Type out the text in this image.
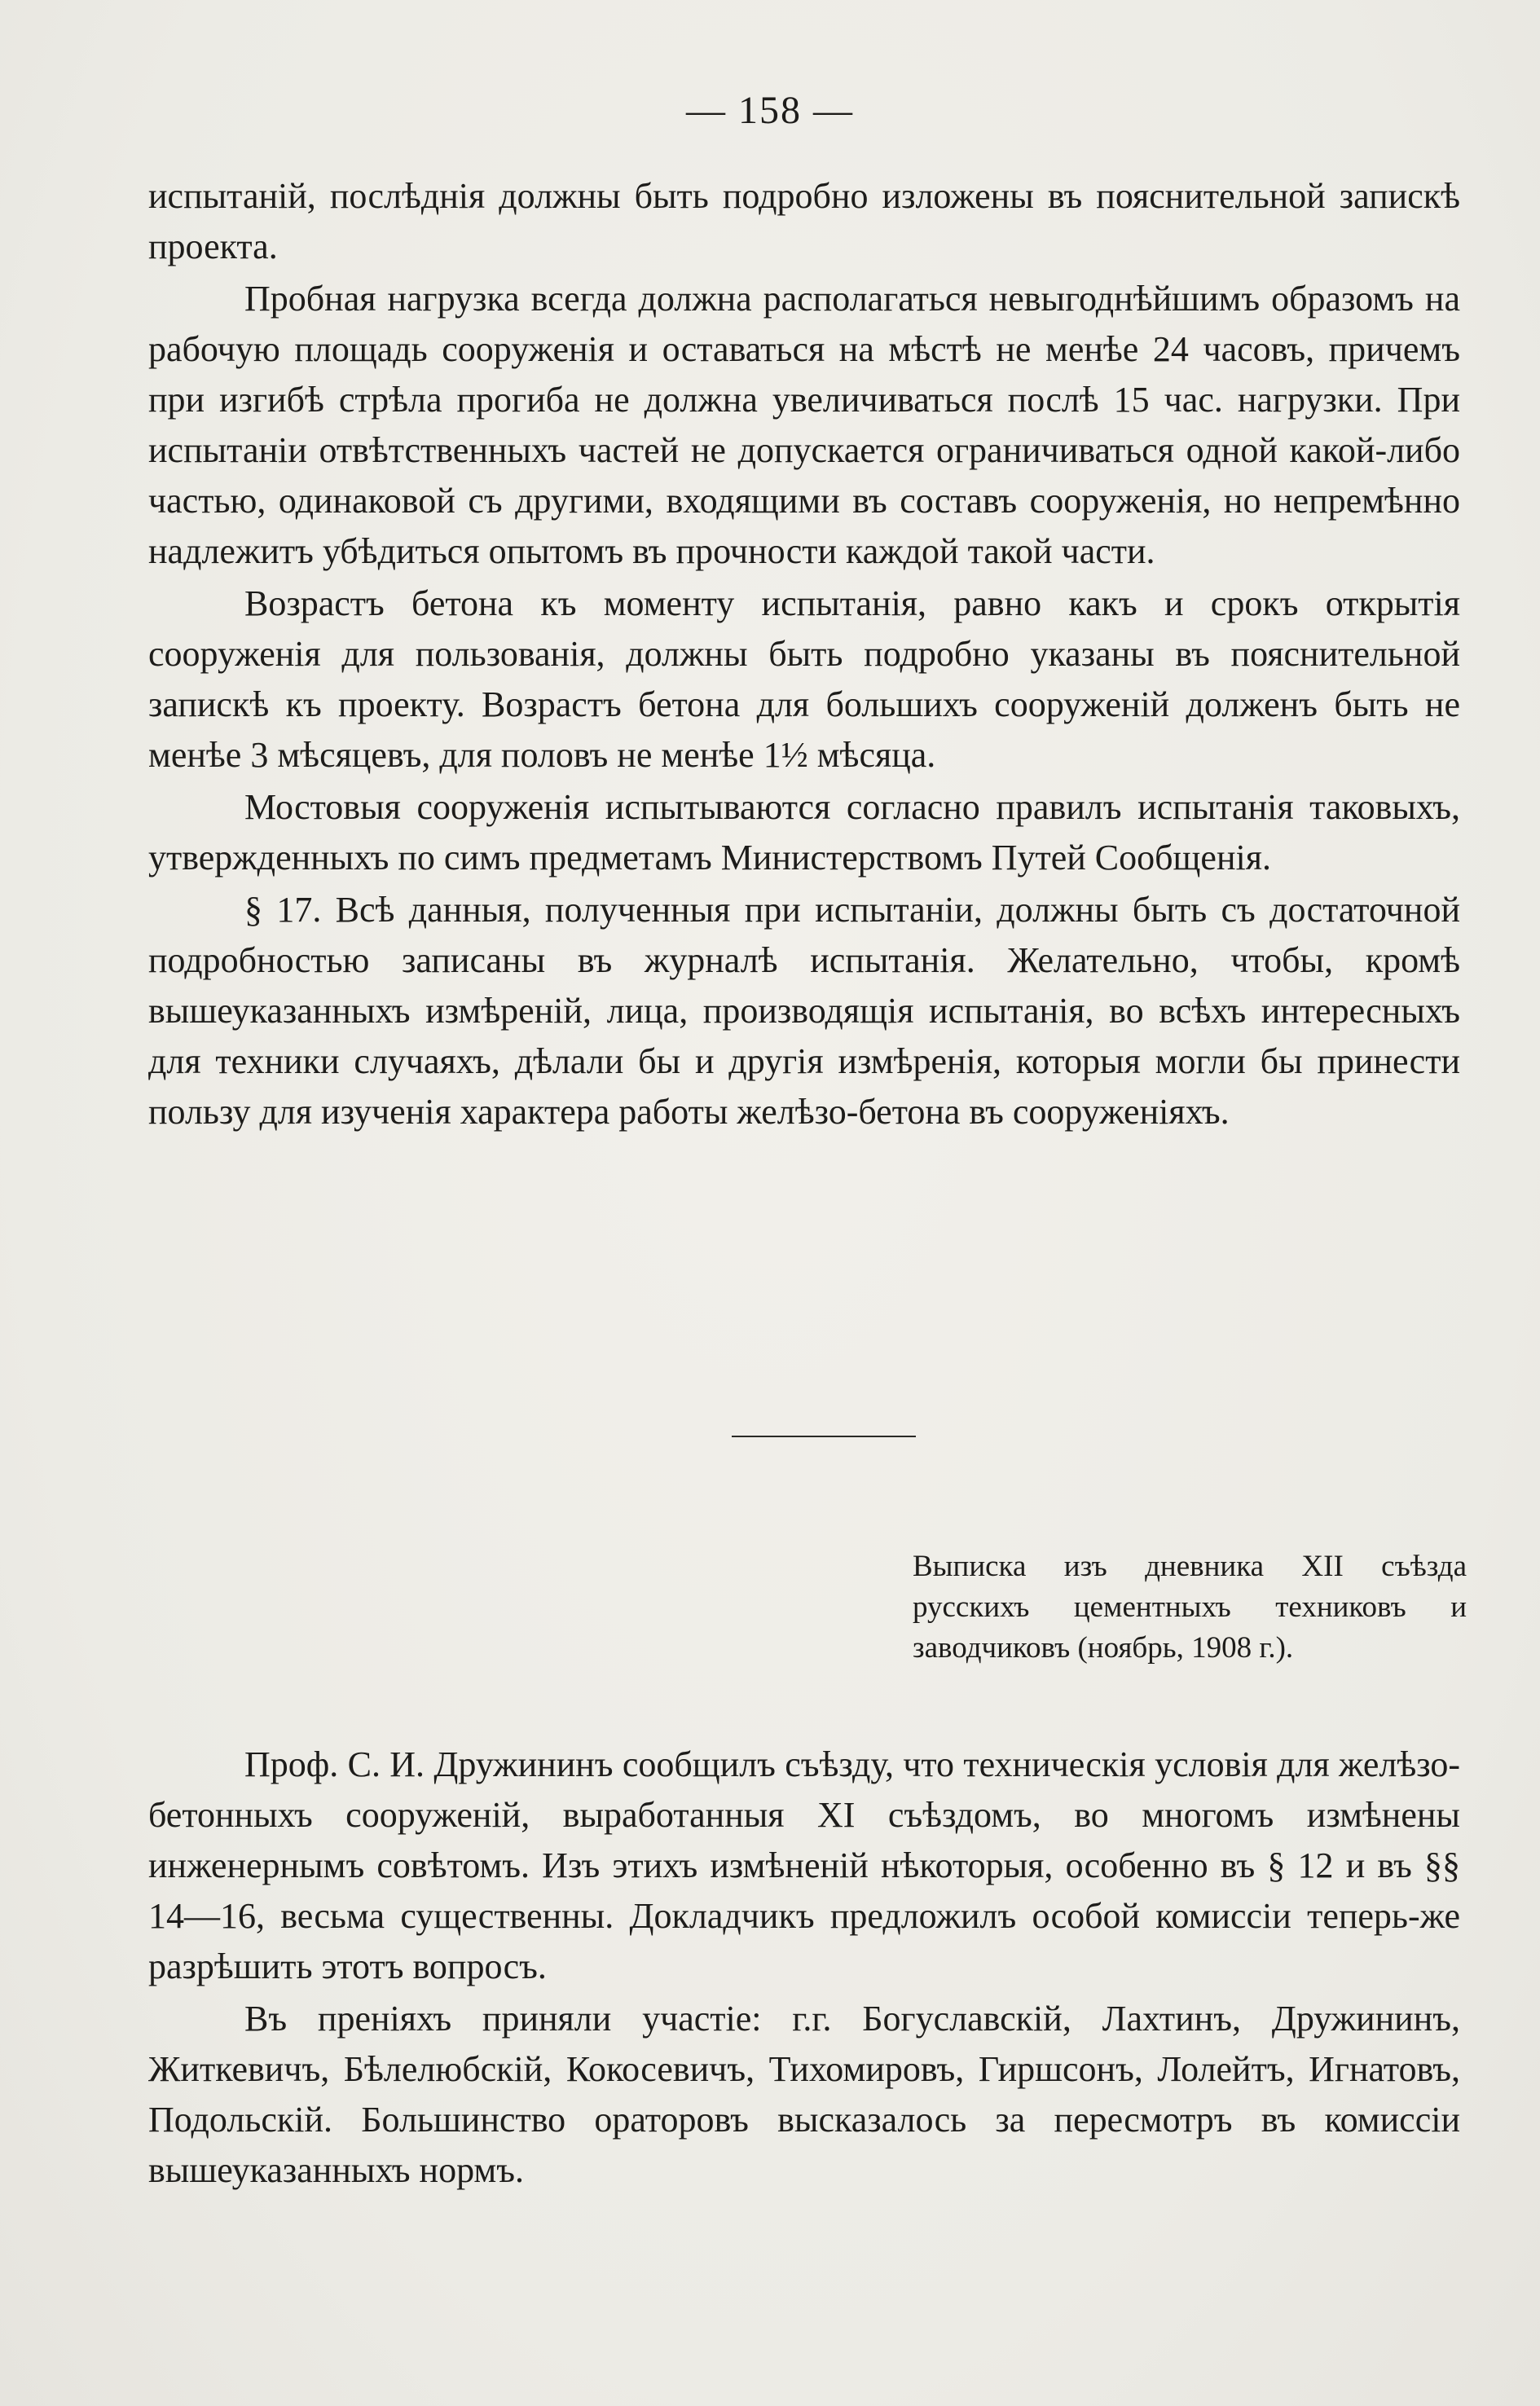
— 158 —

испытаній, послѣднія должны быть подробно изложены въ пояснительной запискѣ проекта.

Пробная нагрузка всегда должна располагаться невыгоднѣйшимъ образомъ на рабочую площадь сооруженія и оставаться на мѣстѣ не менѣе 24 часовъ, причемъ при изгибѣ стрѣла прогиба не должна увеличиваться послѣ 15 час. нагрузки. При испытаніи отвѣтственныхъ частей не допускается ограничиваться одной какой-либо частью, одинаковой съ другими, входящими въ составъ сооруженія, но непремѣнно надлежитъ убѣдиться опытомъ въ прочности каждой такой части.

Возрастъ бетона къ моменту испытанія, равно какъ и срокъ открытія сооруженія для пользованія, должны быть подробно указаны въ пояснительной запискѣ къ проекту. Возрастъ бетона для большихъ сооруженій долженъ быть не менѣе 3 мѣсяцевъ, для половъ не менѣе 1½ мѣсяца.

Мостовыя сооруженія испытываются согласно правилъ испытанія таковыхъ, утвержденныхъ по симъ предметамъ Министерствомъ Путей Сообщенія.

§ 17. Всѣ данныя, полученныя при испытаніи, должны быть съ достаточной подробностью записаны въ журналѣ испытанія. Желательно, чтобы, кромѣ вышеуказанныхъ измѣреній, лица, производящія испытанія, во всѣхъ интересныхъ для техники случаяхъ, дѣлали бы и другія измѣренія, которыя могли бы принести пользу для изученія характера работы желѣзо-бетона въ сооруженіяхъ.

Выписка изъ дневника XII съѣзда русскихъ цементныхъ техниковъ и заводчиковъ (ноябрь, 1908 г.).

Проф. С. И. Дружининъ сообщилъ съѣзду, что техническія условія для желѣзо-бетонныхъ сооруженій, выработанныя XI съѣздомъ, во многомъ измѣнены инженернымъ совѣтомъ. Изъ этихъ измѣненій нѣкоторыя, особенно въ § 12 и въ §§ 14—16, весьма существенны. Докладчикъ предложилъ особой комиссіи теперь-же разрѣшить этотъ вопросъ.

Въ преніяхъ приняли участіе: г.г. Богуславскій, Лахтинъ, Дружининъ, Житкевичъ, Бѣлелюбскій, Кокосевичъ, Тихомировъ, Гиршсонъ, Лолейтъ, Игнатовъ, Подольскій. Большинство ораторовъ высказалось за пересмотръ въ комиссіи вышеуказанныхъ нормъ.
